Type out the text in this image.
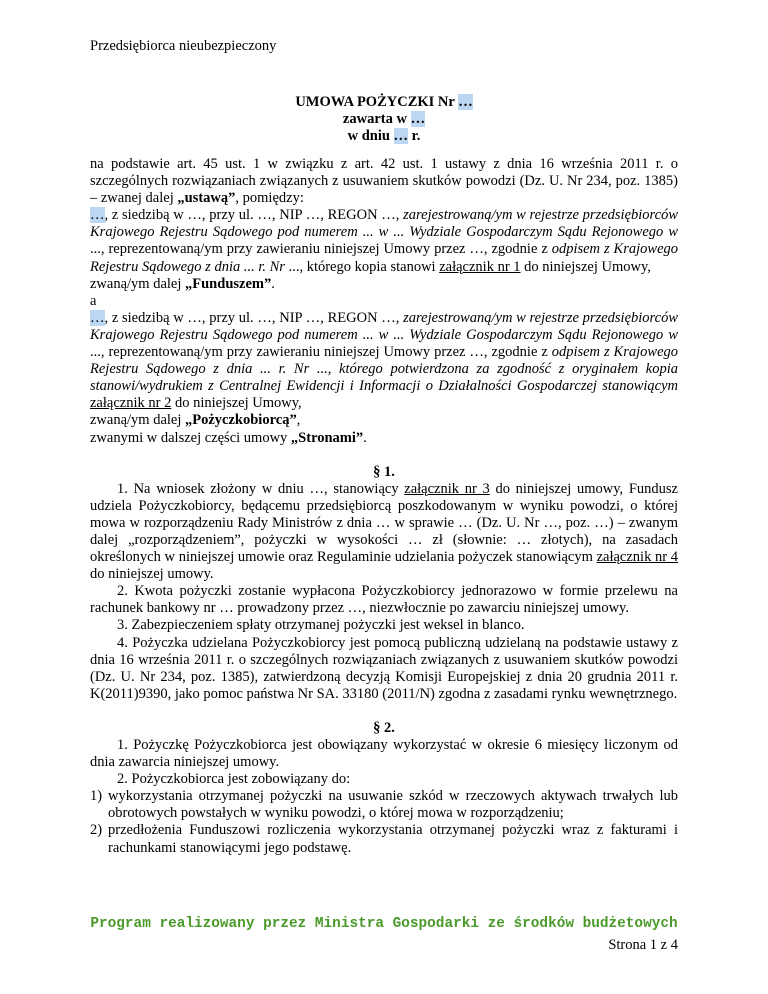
Przedsiębiorca nieubezpieczony
UMOWA POŻYCZKI Nr …
zawarta w …
w dniu … r.

na podstawie art. 45 ust. 1 w związku z art. 42 ust. 1 ustawy z dnia 16 września 2011 r. o szczególnych rozwiązaniach związanych z usuwaniem skutków powodzi (Dz. U. Nr 234, poz. 1385) – zwanej dalej „ustawą”, pomiędzy:

…, z siedzibą w …, przy ul. …, NIP …, REGON …, zarejestrowaną/ym w rejestrze przedsiębiorców Krajowego Rejestru Sądowego pod numerem ... w ... Wydziale Gospodarczym Sądu Rejonowego w ..., reprezentowaną/ym przy zawieraniu niniejszej Umowy przez …, zgodnie z odpisem z Krajowego Rejestru Sądowego z dnia ... r. Nr ..., którego kopia stanowi załącznik nr 1 do niniejszej Umowy,

zwaną/ym dalej „Funduszem”.

a

…, z siedzibą w …, przy ul. …, NIP …, REGON …, zarejestrowaną/ym w rejestrze przedsiębiorców Krajowego Rejestru Sądowego pod numerem ... w ... Wydziale Gospodarczym Sądu Rejonowego w ..., reprezentowaną/ym przy zawieraniu niniejszej Umowy przez …, zgodnie z odpisem z Krajowego Rejestru Sądowego z dnia ... r. Nr ..., którego potwierdzona za zgodność z oryginałem kopia stanowi/wydrukiem z Centralnej Ewidencji i Informacji o Działalności Gospodarczej stanowiącym załącznik nr 2 do niniejszej Umowy,

zwaną/ym dalej „Pożyczkobiorcą”,

zwanymi w dalszej części umowy „Stronami”.

§ 1.

1. Na wniosek złożony w dniu …, stanowiący załącznik nr 3 do niniejszej umowy, Fundusz udziela Pożyczkobiorcy, będącemu przedsiębiorcą poszkodowanym w wyniku powodzi, o której mowa w rozporządzeniu Rady Ministrów z dnia … w sprawie … (Dz. U. Nr …, poz. …) – zwanym dalej „rozporządzeniem”, pożyczki w wysokości … zł (słownie: … złotych), na zasadach określonych w niniejszej umowie oraz Regulaminie udzielania pożyczek stanowiącym załącznik nr 4 do niniejszej umowy.

2. Kwota pożyczki zostanie wypłacona Pożyczkobiorcy jednorazowo w formie przelewu na rachunek bankowy nr … prowadzony przez …, niezwłocznie po zawarciu niniejszej umowy.

3. Zabezpieczeniem spłaty otrzymanej pożyczki jest weksel in blanco.

4. Pożyczka udzielana Pożyczkobiorcy jest pomocą publiczną udzielaną na podstawie ustawy z dnia 16 września 2011 r. o szczególnych rozwiązaniach związanych z usuwaniem skutków powodzi (Dz. U. Nr 234, poz. 1385), zatwierdzoną decyzją Komisji Europejskiej z dnia 20 grudnia 2011 r. K(2011)9390, jako pomoc państwa Nr SA. 33180 (2011/N) zgodna z zasadami rynku wewnętrznego.

§ 2.

1. Pożyczkę Pożyczkobiorca jest obowiązany wykorzystać w okresie 6 miesięcy liczonym od dnia zawarcia niniejszej umowy.

2. Pożyczkobiorca jest zobowiązany do:

1) wykorzystania otrzymanej pożyczki na usuwanie szkód w rzeczowych aktywach trwałych lub obrotowych powstałych w wyniku powodzi, o której mowa w rozporządzeniu;
2) przedłożenia Funduszowi rozliczenia wykorzystania otrzymanej pożyczki wraz z fakturami i rachunkami stanowiącymi jego podstawę.
Program realizowany przez Ministra Gospodarki ze środków budżetowych
Strona 1 z 4
